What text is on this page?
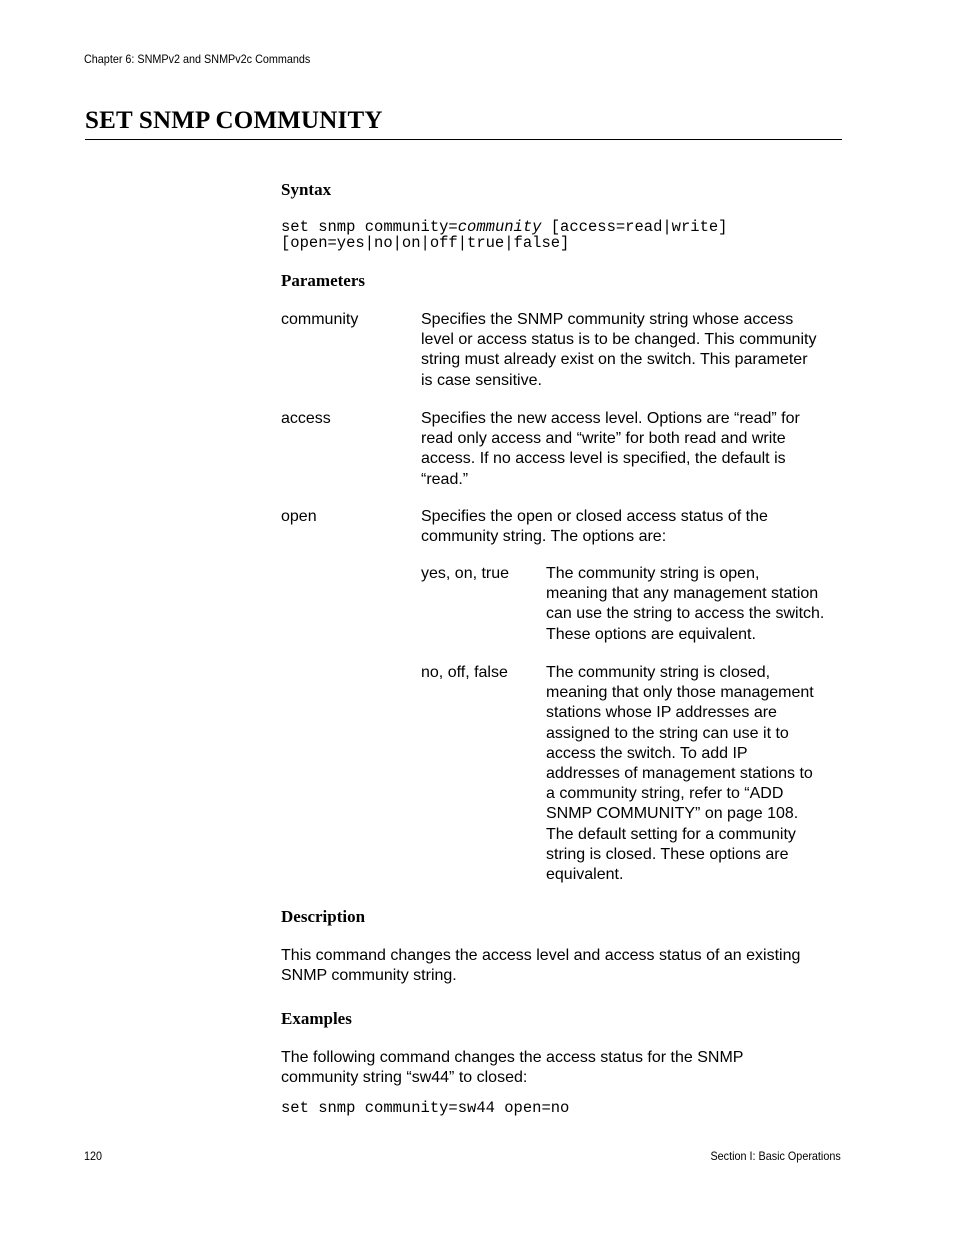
Chapter 6: SNMPv2 and SNMPv2c Commands
SET SNMP COMMUNITY
Syntax
set snmp community=community [access=read|write]
[open=yes|no|on|off|true|false]
Parameters
community	Specifies the SNMP community string whose access
level or access status is to be changed. This community
string must already exist on the switch. This parameter
is case sensitive.
access	Specifies the new access level. Options are “read” for
read only access and “write” for both read and write
access. If no access level is specified, the default is
“read.”
open	Specifies the open or closed access status of the
community string. The options are:
yes, on, true The community string is open,
meaning that any management station
can use the string to access the switch.
These options are equivalent.
no, off, false The community string is closed,
meaning that only those management
stations whose IP addresses are
assigned to the string can use it to
access the switch. To add IP
addresses of management stations to
a community string, refer to “ADD
SNMP COMMUNITY” on page 108.
The default setting for a community
string is closed. These options are
equivalent.
Description
This command changes the access level and access status of an existing
SNMP community string.
Examples
The following command changes the access status for the SNMP
community string “sw44” to closed:
set snmp community=sw44 open=no
120	Section I: Basic Operations
